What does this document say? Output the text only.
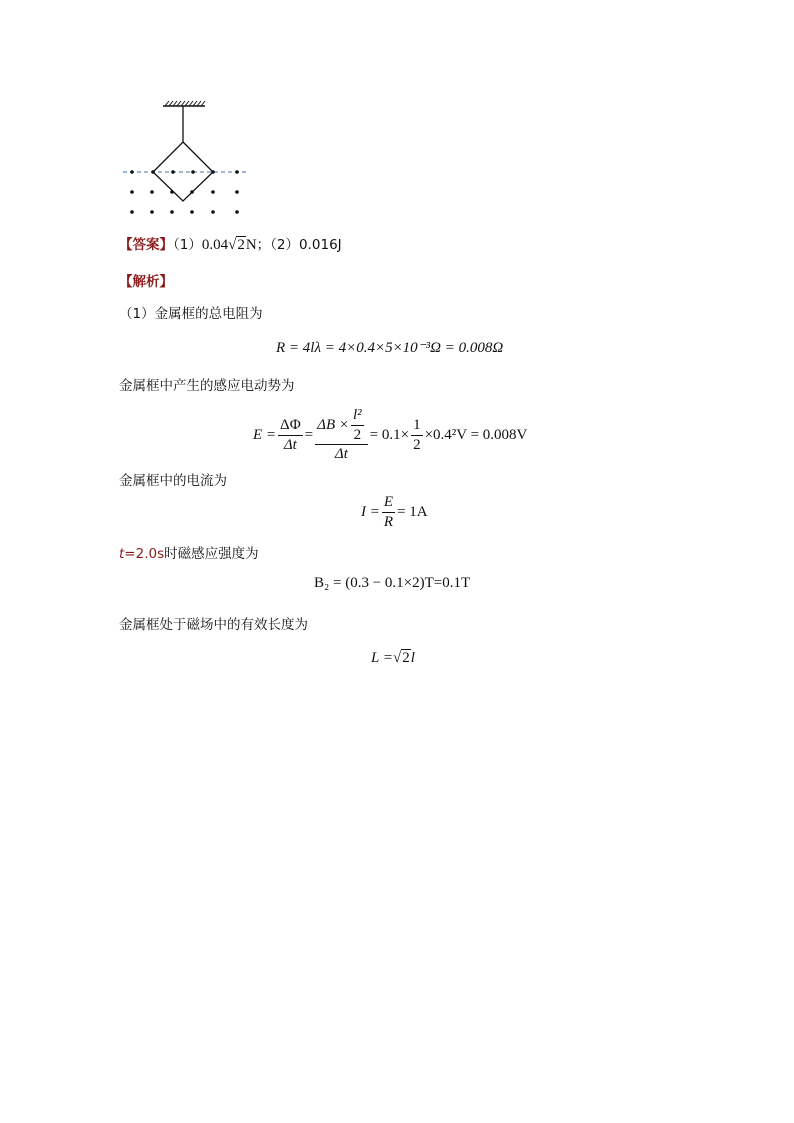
【答案】（1）0.04√2N；（2）0.016J
【解析】
（1）金属框的总电阻为
R = 4lλ = 4×0.4×5×10⁻³Ω = 0.008Ω
金属框中产生的感应电动势为
$E = \frac{\Delta\Phi}{\Delta t} = \frac{\Delta B \times \frac{\text{l²}}{2}}{\Delta t} = 0.1\times \frac{1}{2} \times 0.4^2V = 0.008V$
金属框中的电流为
$I = \frac{E}{R} = 1A$
t=2.0s时磁感应强度为
B₂ = (0.3 − 0.1×2)T=0.1T
金属框处于磁场中的有效长度为
L =√2l
